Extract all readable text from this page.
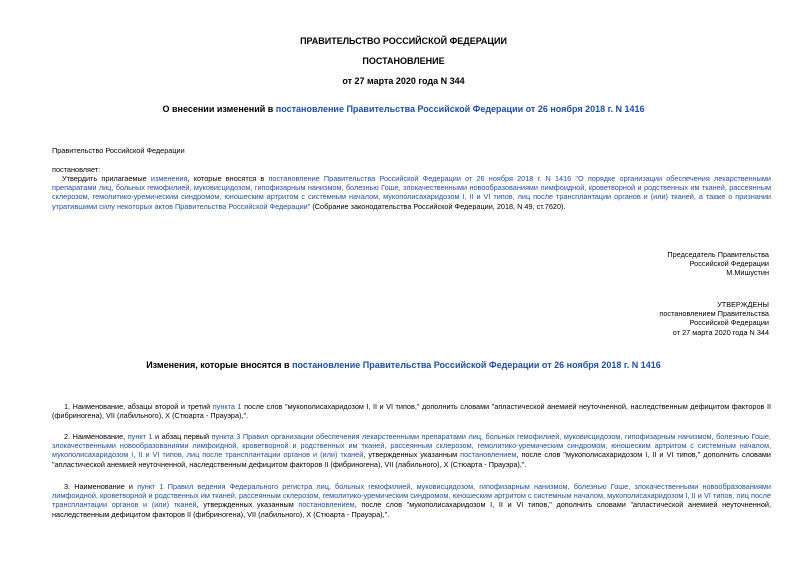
ПРАВИТЕЛЬСТВО РОССИЙСКОЙ ФЕДЕРАЦИИ
ПОСТАНОВЛЕНИЕ
от 27 марта 2020 года N 344
О внесении изменений в постановление Правительства Российской Федерации от 26 ноября 2018 г. N 1416
Правительство Российской Федерации
постановляет:
Утвердить прилагаемые изменения, которые вносятся в постановление Правительства Российской Федерации от 26 ноября 2018 г. N 1416 "О порядке организации обеспечения лекарственными препаратами лиц, больных гемофилией, муковисцидозом, гипофизарным нанизмом, болезнью Гоше, злокачественными новообразованиями лимфоидной, кроветворной и родственных им тканей, рассеянным склерозом, гемолитико-уремическим синдромом, юношеским артритом с системным началом, мукополисахаридозом I, II и VI типов, лиц после трансплантации органов и (или) тканей, а также о признании утратившими силу некоторых актов Правительства Российской Федерации" (Собрание законодательства Российской Федерации, 2018, N 49, ст.7620).
Председатель Правительства
Российской Федерации
М.Мишустин
УТВЕРЖДЕНЫ
постановлением Правительства
Российской Федерации
от 27 марта 2020 года N 344
Изменения, которые вносятся в постановление Правительства Российской Федерации от 26 ноября 2018 г. N 1416
1. Наименование, абзацы второй и третий пункта 1 после слов "мукополисахаридозом I, II и VI типов," дополнить словами "апластической анемией неуточненной, наследственным дефицитом факторов II (фибриногена), VII (лабильного), X (Стюарта - Прауэра),".
2. Наименование, пункт 1 и абзац первый пункта 3 Правил организации обеспечения лекарственными препаратами лиц, больных гемофилией, муковисцидозом, гипофизарным нанизмом, болезнью Гоше, злокачественными новообразованиями лимфоидной, кроветворной и родственных им тканей, рассеянным склерозом, гемолитико-уремическим синдромом, юношеским артритом с системным началом, мукополисахаридозом I, II и VI типов, лиц после трансплантации органов и (или) тканей, утвержденных указанным постановлением, после слов "мукополисахаридозом I, II и VI типов," дополнить словами "апластической анемией неуточненной, наследственным дефицитом факторов II (фибриногена), VII (лабильного), X (Стюарта - Прауэра),".
3. Наименование и пункт 1 Правил ведения Федерального регистра лиц, больных гемофилией, муковисцидозом, гипофизарным нанизмом, болезнью Гоше, злокачественными новообразованиями лимфоидной, кроветворной и родственных им тканей, рассеянным склерозом, гемолитико-уремическим синдромом, юношеским артритом с системным началом, мукополисахаридозом I, II и VI типов, лиц после трансплантации органов и (или) тканей, утвержденных указанным постановлением, после слов "мукополисахаридозом I, II и VI типов," дополнить словами "апластической анемией неуточненной, наследственным дефицитом факторов II (фибриногена), VII (лабильного), X (Стюарта - Прауэра),".
